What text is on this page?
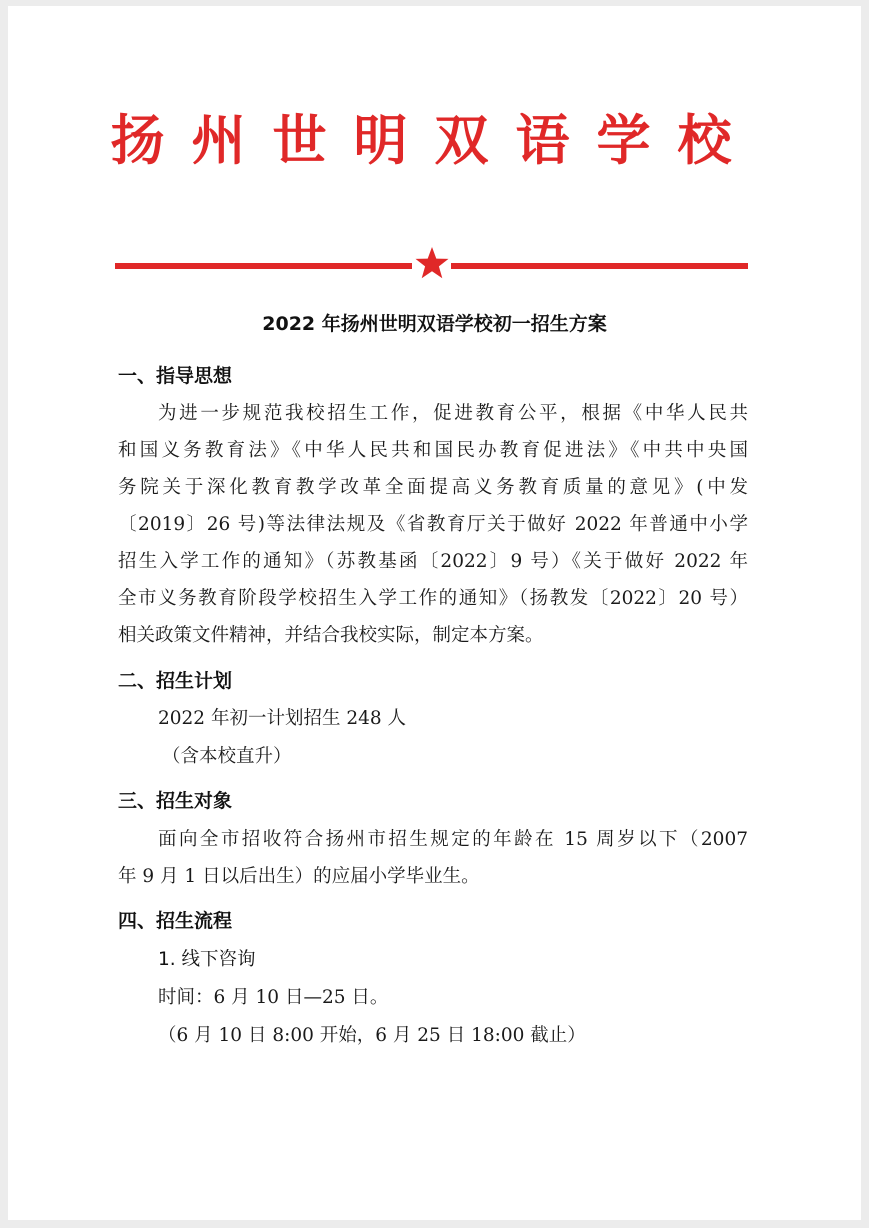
扬州世明双语学校
2022 年扬州世明双语学校初一招生方案
一、指导思想
为进一步规范我校招生工作，促进教育公平，根据《中华人民共
和国义务教育法》《中华人民共和国民办教育促进法》《中共中央国
务院关于深化教育教学改革全面提高义务教育质量的意见》(中发
〔2019〕26 号)等法律法规及《省教育厅关于做好 2022 年普通中小学
招生入学工作的通知》（苏教基函〔2022〕9 号）《关于做好 2022 年
全市义务教育阶段学校招生入学工作的通知》（扬教发〔2022〕20 号）
相关政策文件精神，并结合我校实际，制定本方案。
二、招生计划
2022 年初一计划招生 248 人
（含本校直升）
三、招生对象
面向全市招收符合扬州市招生规定的年龄在 15 周岁以下（2007
年 9 月 1 日以后出生）的应届小学毕业生。
四、招生流程
1. 线下咨询
时间：6 月 10 日—25 日。
（6 月 10 日 8:00 开始，6 月 25 日 18:00 截止）
